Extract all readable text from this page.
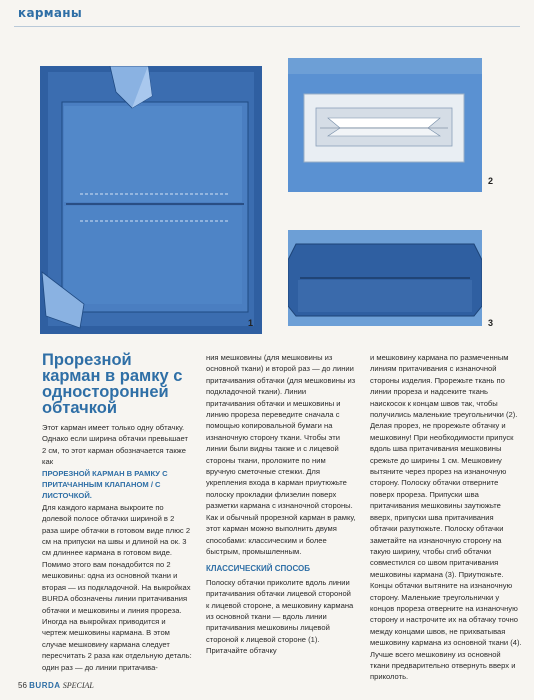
карманы
1
2
3
Прорезной карман в рамку с односторонней обтачкой

Этот карман имеет только одну обтачку. Однако если ширина обтачки превышает 2 см, то этот карман обозначается также как

ПРОРЕЗНОЙ КАРМАН В РАМКУ С ПРИТАЧАННЫМ КЛАПАНОМ / С ЛИСТОЧКОЙ.

Для каждого кармана выкроите по долевой полосе обтачки шириной в 2 раза шире обтачки в готовом виде плюс 2 см на припуски на швы и длиной на ок. 3 см длиннее кармана в готовом виде. Помимо этого вам понадобится по 2 мешковины: одна из основной ткани и вторая — из подкладочной. На выкройках BURDA обозначены линии притачивания обтачки и мешковины и линия прореза. Иногда на выкройках приводится и чертеж мешковины кармана. В этом случае мешковину кармана следует пересчитать 2 раза как отдельную деталь: один раз — до линии притачива-

ния мешковины (для мешковины из основной ткани) и второй раз — до линии притачивания обтачки (для мешковины из подкладочной ткани). Линии притачивания обтачки и мешковины и линию прореза переведите сначала с помощью копировальной бумаги на изнаночную сторону ткани. Чтобы эти линии были видны также и с лицевой стороны ткани, проложите по ним вручную сметочные стежки. Для укрепления входа в карман приутюжьте полоску прокладки флизелин поверх разметки кармана с изнаночной стороны. Как и обычный прорезной карман в рамку, этот карман можно выполнить двумя способами: классическим и более быстрым, промышленным.

КЛАССИЧЕСКИЙ СПОСОБ

Полоску обтачки приколите вдоль линии притачивания обтачки лицевой стороной к лицевой стороне, а мешковину кармана из основной ткани — вдоль линии притачивания мешковины лицевой стороной к лицевой стороне (1). Притачайте обтачку

и мешковину кармана по размеченным линиям притачивания с изнаночной стороны изделия. Прорежьте ткань по линии прореза и надсеките ткань наискосок к концам швов так, чтобы получились маленькие треугольнички (2). Делая прорез, не прорежьте обтачку и мешковину! При необходимости припуск вдоль шва притачивания мешковины срежьте до ширины 1 см. Мешковину вытяните через прорез на изнаночную сторону. Полоску обтачки отверните поверх прореза. Припуски шва притачивания мешковины заутюжьте вверх, припуски шва притачивания обтачки разутюжьте. Полоску обтачки заметайте на изнаночную сторону на такую ширину, чтобы сгиб обтачки совместился со швом притачивания мешковины кармана (3). Приутюжьте. Концы обтачки вытяните на изнаночную сторону. Маленькие треугольнички у концов прореза отверните на изнаночную сторону и настрочите их на обтачку точно между концами швов, не прихватывая мешковину кармана из основной ткани (4). Лучше всего мешковину из основной ткани предварительно отвернуть вверх и приколоть.

56 BURDA SPECIAL
